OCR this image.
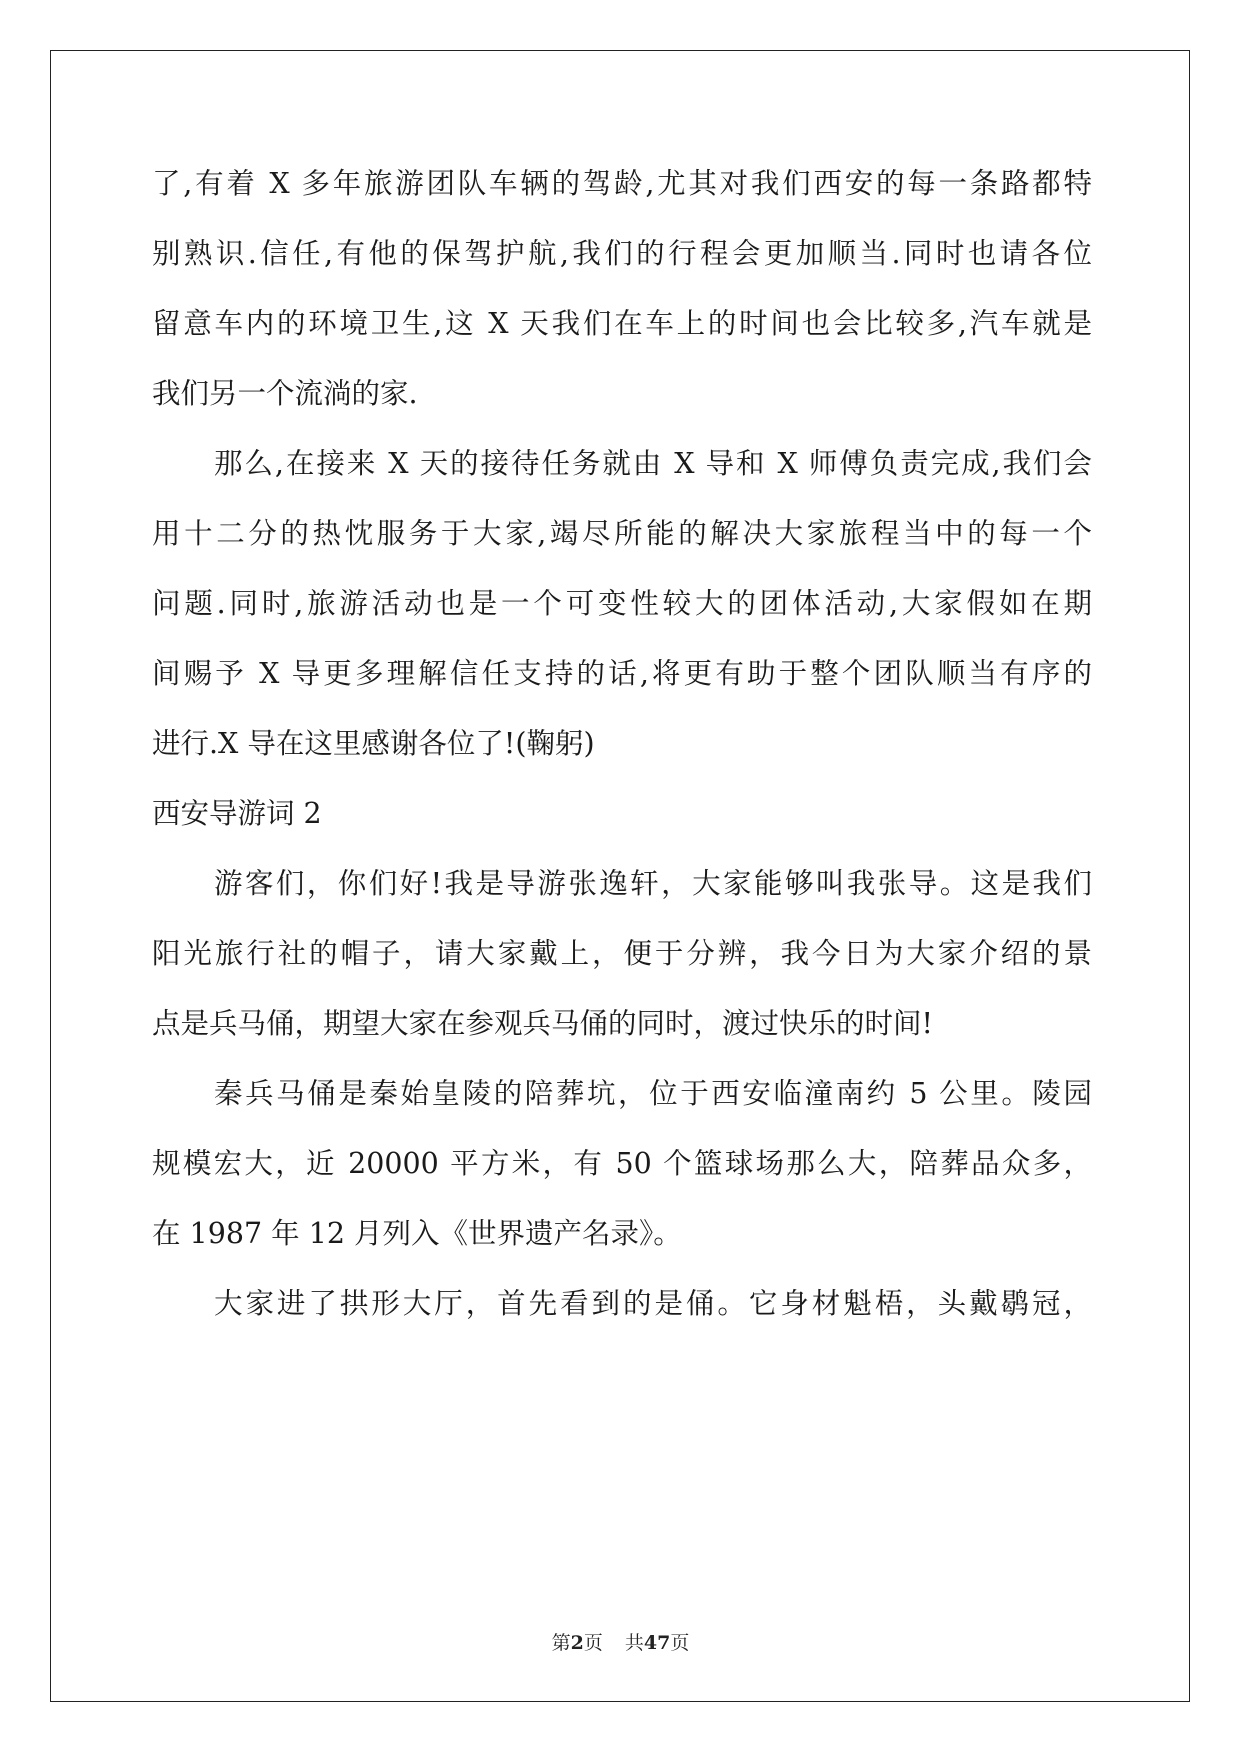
了,有着 X 多年旅游团队车辆的驾龄,尤其对我们西安的每一条路都特
别熟识.信任,有他的保驾护航,我们的行程会更加顺当.同时也请各位
留意车内的环境卫生,这 X 天我们在车上的时间也会比较多,汽车就是
我们另一个流淌的家.
那么,在接来 X 天的接待任务就由 X 导和 X 师傅负责完成,我们会
用十二分的热忱服务于大家,竭尽所能的解决大家旅程当中的每一个
问题.同时,旅游活动也是一个可变性较大的团体活动,大家假如在期
间赐予 X 导更多理解信任支持的话,将更有助于整个团队顺当有序的
进行.X 导在这里感谢各位了!(鞠躬)
西安导游词 2
游客们，你们好!我是导游张逸轩，大家能够叫我张导。这是我们
阳光旅行社的帽子，请大家戴上，便于分辨，我今日为大家介绍的景
点是兵马俑，期望大家在参观兵马俑的同时，渡过快乐的时间!
秦兵马俑是秦始皇陵的陪葬坑，位于西安临潼南约 5 公里。陵园
规模宏大，近 20000 平方米，有 50 个篮球场那么大，陪葬品众多，
在 1987 年 12 月列入《世界遗产名录》。
大家进了拱形大厅，首先看到的是俑。它身材魁梧，头戴鹖冠，
第2页 共47页
